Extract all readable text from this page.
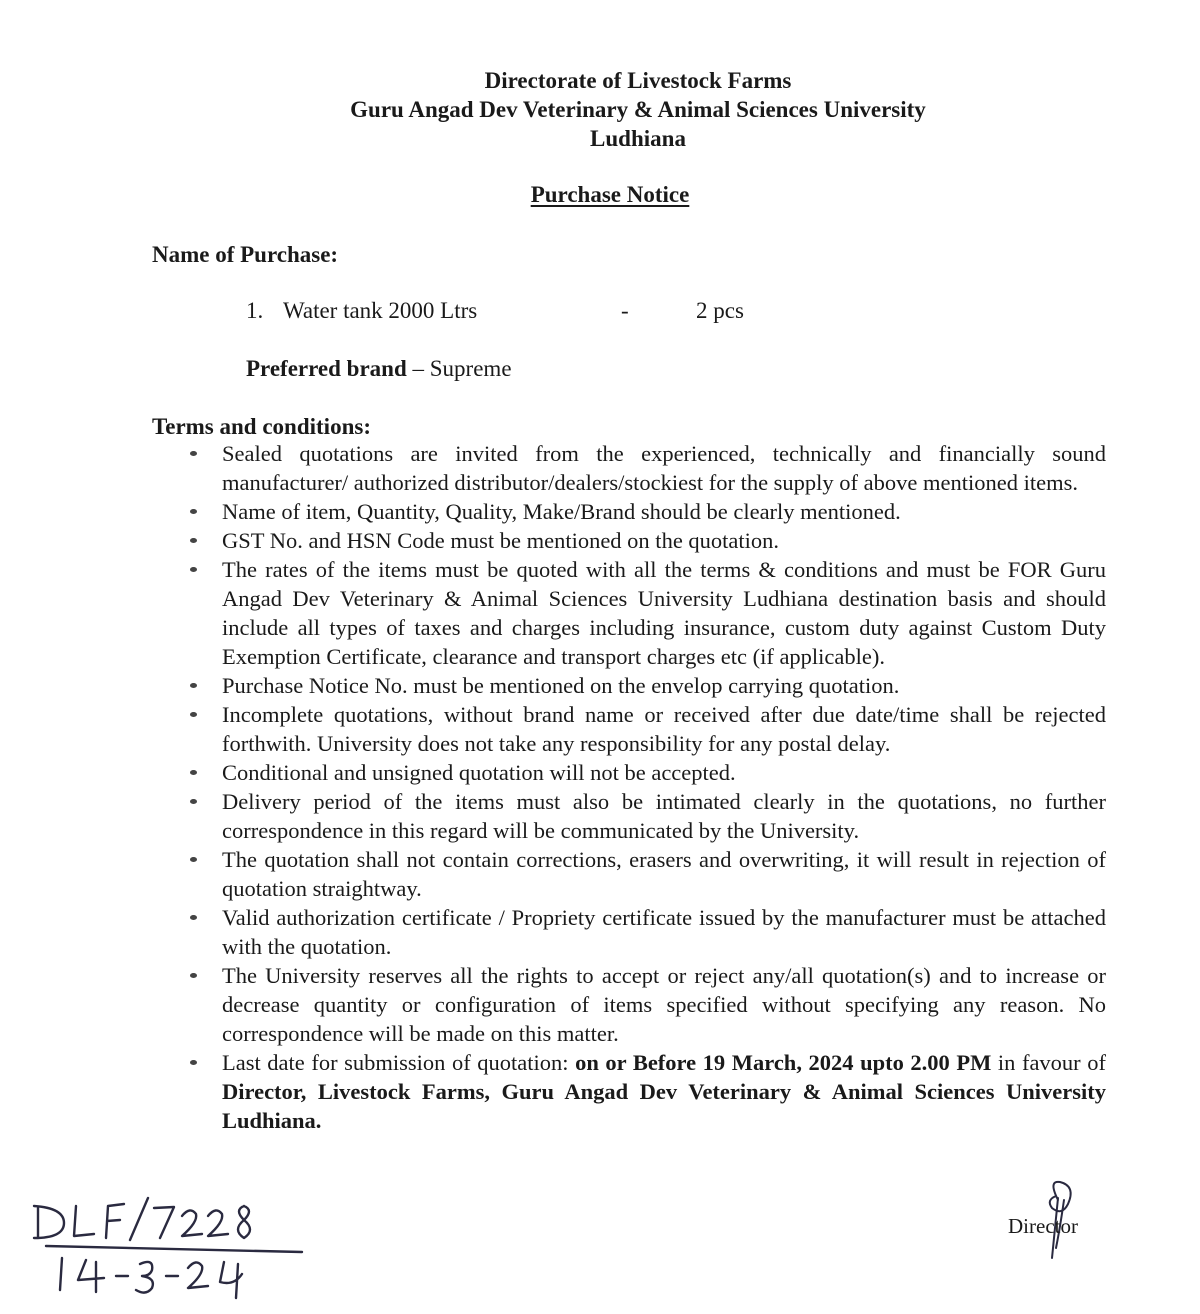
Directorate of Livestock Farms
Guru Angad Dev Veterinary & Animal Sciences University
Ludhiana
Purchase Notice
Name of Purchase:
1. Water tank 2000 Ltrs	-	2 pcs
Preferred brand – Supreme
Terms and conditions:
Sealed quotations are invited from the experienced, technically and financially sound manufacturer/ authorized distributor/dealers/stockiest for the supply of above mentioned items.
Name of item, Quantity, Quality, Make/Brand should be clearly mentioned.
GST No. and HSN Code must be mentioned on the quotation.
The rates of the items must be quoted with all the terms & conditions and must be FOR Guru Angad Dev Veterinary & Animal Sciences University Ludhiana destination basis and should include all types of taxes and charges including insurance, custom duty against Custom Duty Exemption Certificate, clearance and transport charges etc (if applicable).
Purchase Notice No. must be mentioned on the envelop carrying quotation.
Incomplete quotations, without brand name or received after due date/time shall be rejected forthwith. University does not take any responsibility for any postal delay.
Conditional and unsigned quotation will not be accepted.
Delivery period of the items must also be intimated clearly in the quotations, no further correspondence in this regard will be communicated by the University.
The quotation shall not contain corrections, erasers and overwriting, it will result in rejection of quotation straightway.
Valid authorization certificate / Propriety certificate issued by the manufacturer must be attached with the quotation.
The University reserves all the rights to accept or reject any/all quotation(s) and to increase or decrease quantity or configuration of items specified without specifying any reason. No correspondence will be made on this matter.
Last date for submission of quotation: on or Before 19 March, 2024 upto 2.00 PM in favour of Director, Livestock Farms, Guru Angad Dev Veterinary & Animal Sciences University Ludhiana.
Director
